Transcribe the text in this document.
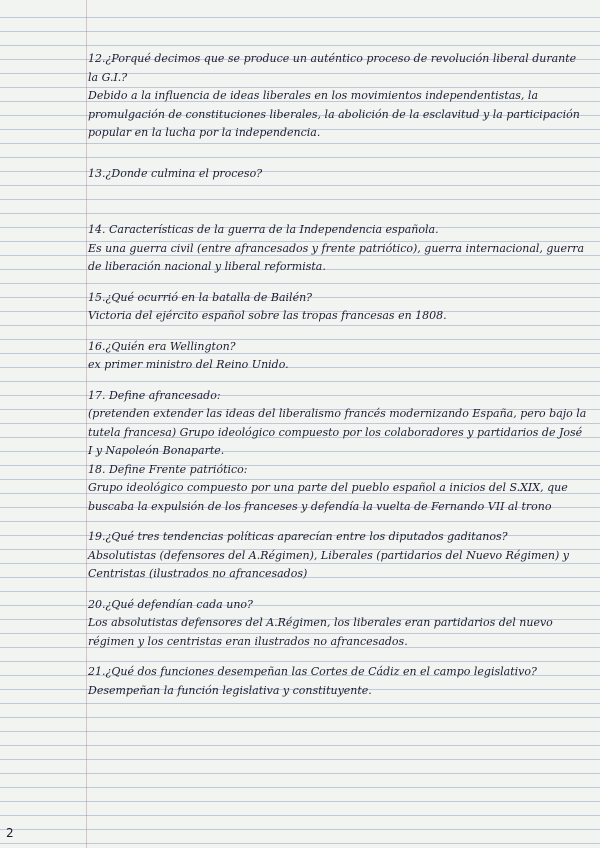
12.¿Porqué decimos que se produce un auténtico proceso de revolución liberal durante la G.I.?
Debido a la influencia de ideas liberales en los movimientos independentistas, la promulgación de constituciones liberales, la abolición de la esclavitud y la participación popular en la lucha por la independencia.
13.¿Donde culmina el proceso?
14. Características de la guerra de la Independencia española.
Es una guerra civil (entre afrancesados y frente patriótico), guerra internacional, guerra de liberación nacional y liberal reformista.
15.¿Qué ocurrió en la batalla de Bailén?
Victoria del ejército español sobre las tropas francesas en 1808.
16.¿Quién era Wellington?
ex primer ministro del Reino Unido.
17. Define afrancesado:
(pretenden extender las ideas del liberalismo francés modernizando España, pero bajo la tutela francesa) Grupo ideológico compuesto por los colaboradores y partidarios de José I y Napoleón Bonaparte.
18. Define Frente patriótico:
Grupo ideológico compuesto por una parte del pueblo español a inicios del S.XIX, que buscaba la expulsión de los franceses y defendía la vuelta de Fernando VII al trono
19.¿Qué tres tendencias políticas aparecían entre los diputados gaditanos?
Absolutistas (defensores del A.Régimen), Liberales (partidarios del Nuevo Régimen) y Centristas (ilustrados no afrancesados)
20.¿Qué defendían cada uno?
Los absolutistas defensores del A.Régimen, los liberales eran partidarios del nuevo régimen y los centristas eran ilustrados no afrancesados.
21.¿Qué dos funciones desempeñan las Cortes de Cádiz en el campo legislativo?
Desempeñan la función legislativa y constituyente.
2
